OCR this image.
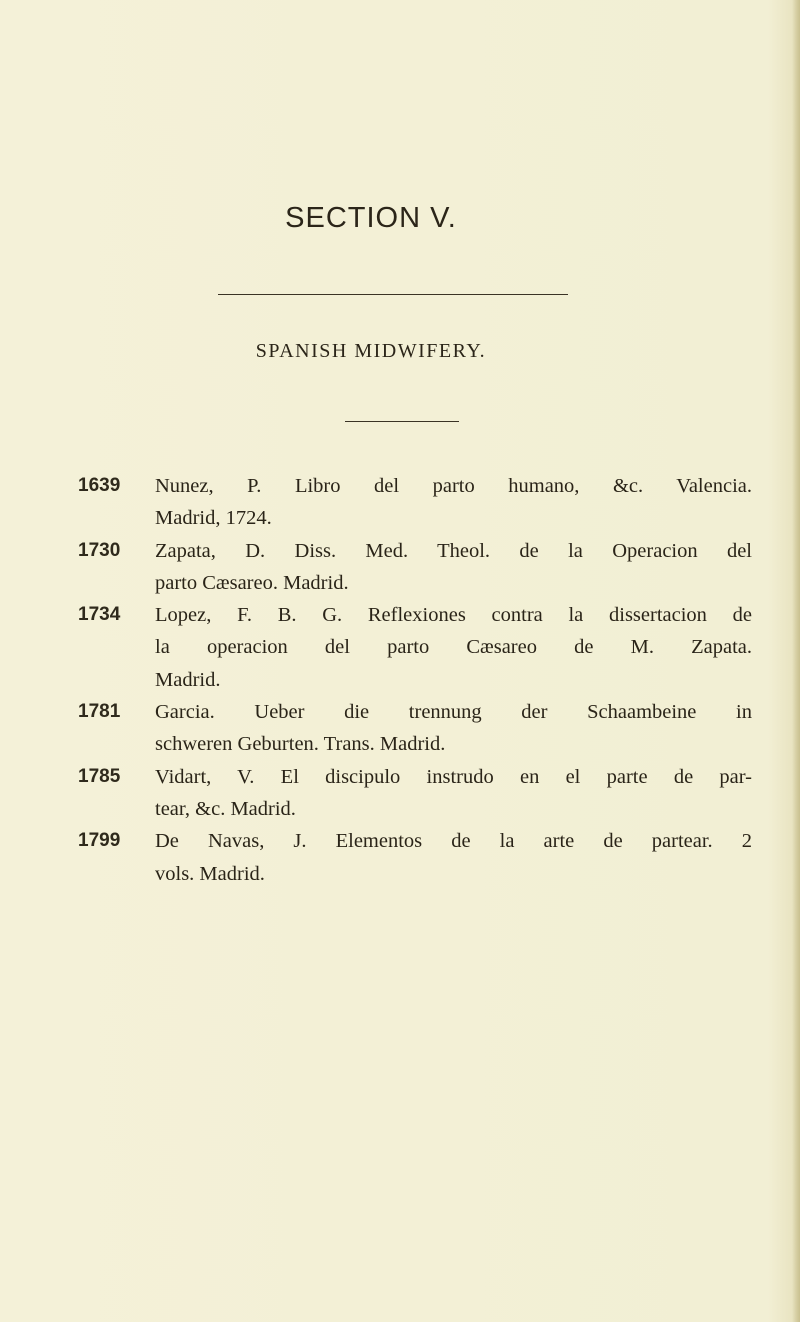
SECTION V.
SPANISH MIDWIFERY.
1639 Nunez, P. Libro del parto humano, &c. Valencia.
Madrid, 1724.
1730 Zapata, D. Diss. Med. Theol. de la Operacion del
parto Cæsareo. Madrid.
1734 Lopez, F. B. G. Reflexiones contra la dissertacion de
la operacion del parto Cæsareo de M. Zapata.
Madrid.
1781 Garcia. Ueber die trennung der Schaambeine in
schweren Geburten. Trans. Madrid.
1785 Vidart, V. El discipulo instrudo en el parte de par-
tear, &c. Madrid.
1799 De Navas, J. Elementos de la arte de partear. 2
vols. Madrid.
